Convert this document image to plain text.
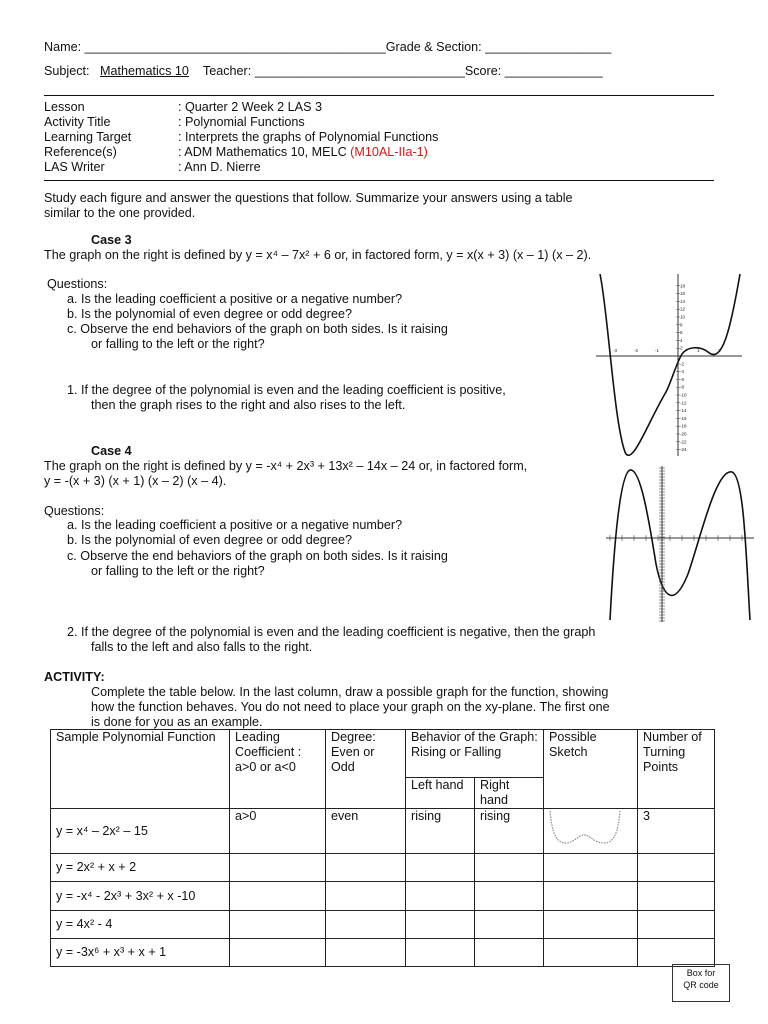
Name: ___________________________________________Grade & Section: __________________
Subject: Mathematics 10 Teacher: ______________________________Score: ______________
Lesson	: Quarter 2 Week 2 LAS 3
Activity Title	: Polynomial Functions
Learning Target	: Interprets the graphs of Polynomial Functions
Reference(s)	: ADM Mathematics 10, MELC (M10AL-IIa-1)
LAS Writer	: Ann D. Nierre
Study each figure and answer the questions that follow. Summarize your answers using a table
similar to the one provided.
Case 3
The graph on the right is defined by y = x⁴ – 7x² + 6 or, in factored form, y = x(x + 3) (x – 1) (x – 2).
Questions:
a. Is the leading coefficient a positive or a negative number?
b. Is the polynomial of even degree or odd degree?
c. Observe the end behaviors of the graph on both sides. Is it raising
or falling to the left or the right?
1. If the degree of the polynomial is even and the leading coefficient is positive,
then the graph rises to the right and also rises to the left.
18
16
14
12
10
8
6
4
2
-2
-4
-6
-8
-10
-12
-14
-16
-18
-20
-22
-24
-3	-2	-1	1	2
Case 4
The graph on the right is defined by y = -x⁴ + 2x³ + 13x² – 14x – 24 or, in factored form,
y = -(x + 3) (x + 1) (x – 2) (x – 4).
Questions:
a. Is the leading coefficient a positive or a negative number?
b. Is the polynomial of even degree or odd degree?
c. Observe the end behaviors of the graph on both sides. Is it raising
or falling to the left or the right?
2. If the degree of the polynomial is even and the leading coefficient is negative, then the graph
falls to the left and also falls to the right.
ACTIVITY:
Complete the table below. In the last column, draw a possible graph for the function, showing
how the function behaves. You do not need to place your graph on the xy-plane. The first one
is done for you as an example.
Sample Polynomial Function	Leading Coefficient : a>0 or a<0	Degree: Even or Odd	Behavior of the Graph: Rising or Falling		Possible Sketch	Number of Turning Points
			Left hand	Right hand		
y = x⁴ – 2x² – 15	a>0	even	rising	rising		3
y = 2x² + x + 2						
y = -x⁴ - 2x³ + 3x² + x -10						
y = 4x² - 4						
y = -3x⁶ + x³ + x + 1						
Box for
QR code
